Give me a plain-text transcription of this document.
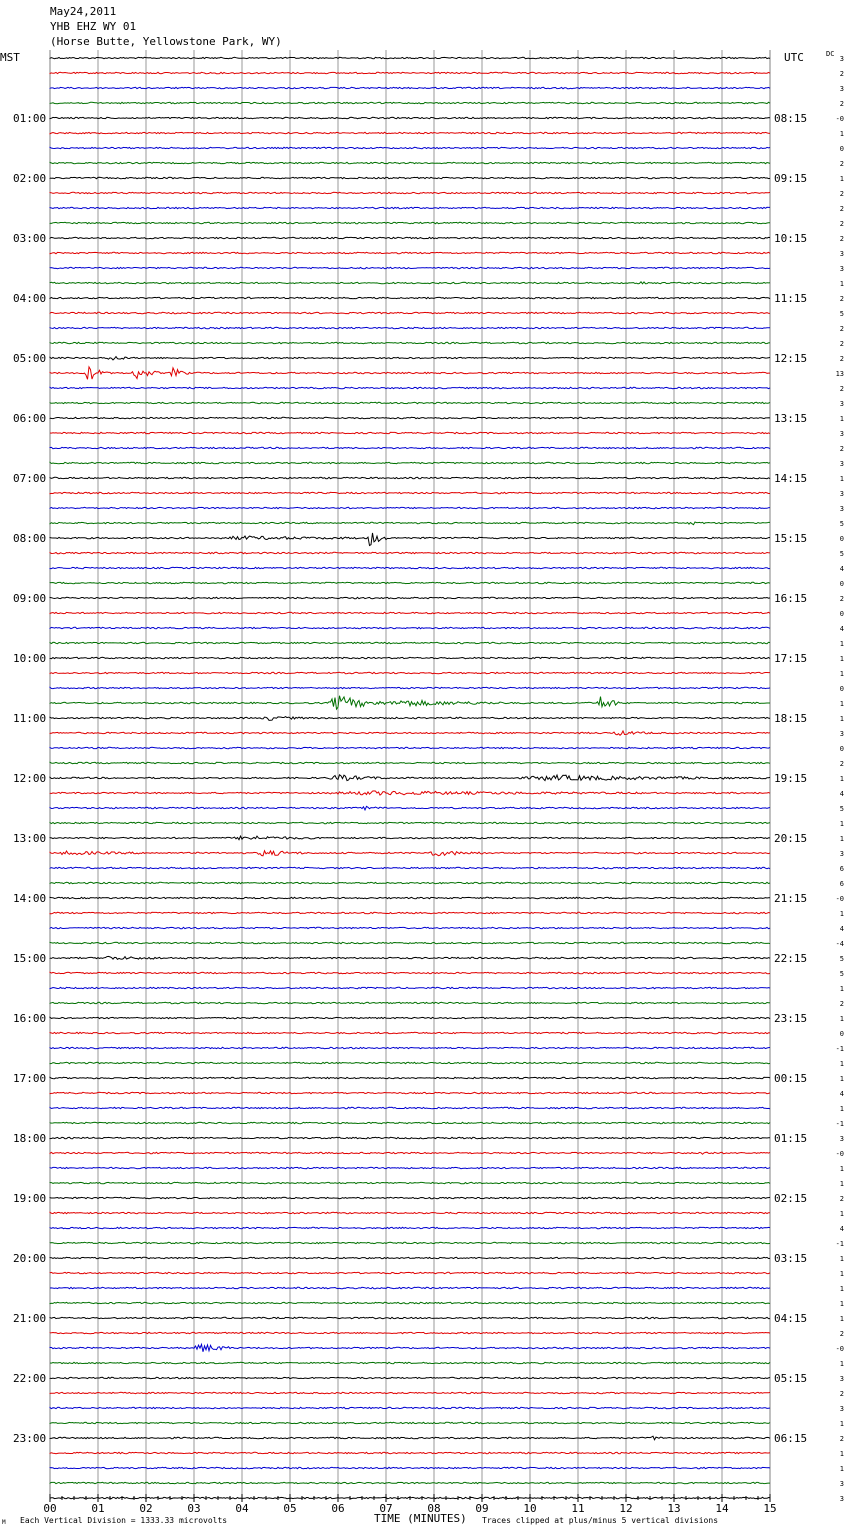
May24,2011
YHB EHZ WY 01
(Horse Butte, Yellowstone Park, WY)
3
2
3
2
-0
1
0
2
1
2
2
2
2
3
3
1
2
5
2
2
2
13
2
3
1
3
2
3
1
3
3
5
0
5
4
0
2
0
4
1
1
1
0
1
1
3
0
2
1
4
5
1
1
3
6
6
-0
1
4
-4
5
5
1
2
1
0
-1
1
1
4
1
-1
3
-0
1
1
2
1
4
-1
1
1
1
1
1
2
-0
1
3
2
3
1
2
1
1
3
3
MST	UTC	DC
01:00	08:15
02:00	09:15
03:00	10:15
04:00	11:15
05:00	12:15
06:00	13:15
07:00	14:15
08:00	15:15
09:00	16:15
10:00	17:15
11:00	18:15
12:00	19:15
13:00	20:15
14:00	21:15
15:00	22:15
16:00	23:15
17:00	00:15
18:00	01:15
19:00	02:15
20:00	03:15
21:00	04:15
22:00	05:15
23:00	06:15
00	01	02	03	04	05	06	07	08	09	10	11	12	13	14	15
M Each Vertical Division = 1333.33 microvolts	TIME (MINUTES) Traces clipped at plus/minus 5 vertical divisions
